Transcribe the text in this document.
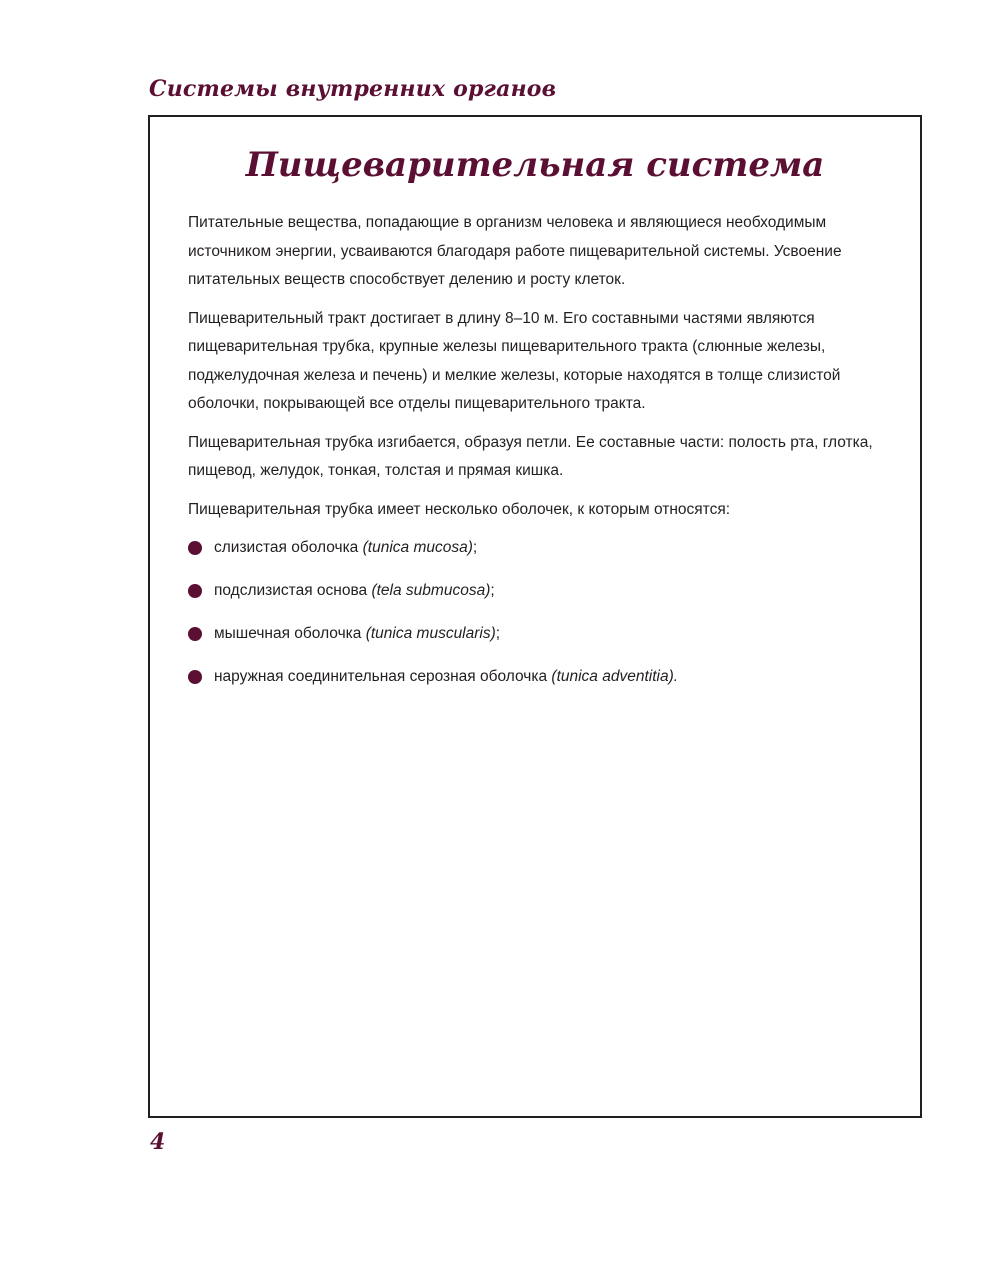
Системы внутренних органов
Пищеварительная система

Питательные вещества, попадающие в организм человека и являющиеся необходимым источником энергии, усваиваются благодаря работе пищеварительной системы. Усвоение питательных веществ способствует делению и росту клеток.

Пищеварительный тракт достигает в длину 8–10 м. Его составными частями являются пищеварительная трубка, крупные железы пищеварительного тракта (слюнные железы, поджелудочная железа и печень) и мелкие железы, которые находятся в толще слизистой оболочки, покрывающей все отделы пищеварительного тракта.

Пищеварительная трубка изгибается, образуя петли. Ее составные части: полость рта, глотка, пищевод, желудок, тонкая, толстая и прямая кишка.

Пищеварительная трубка имеет несколько оболочек, к которым относятся:

слизистая оболочка (tunica mucosa);
подслизистая основа (tela submucosa);
мышечная оболочка (tunica muscularis);
наружная соединительная серозная оболочка (tunica adventitia).
4
